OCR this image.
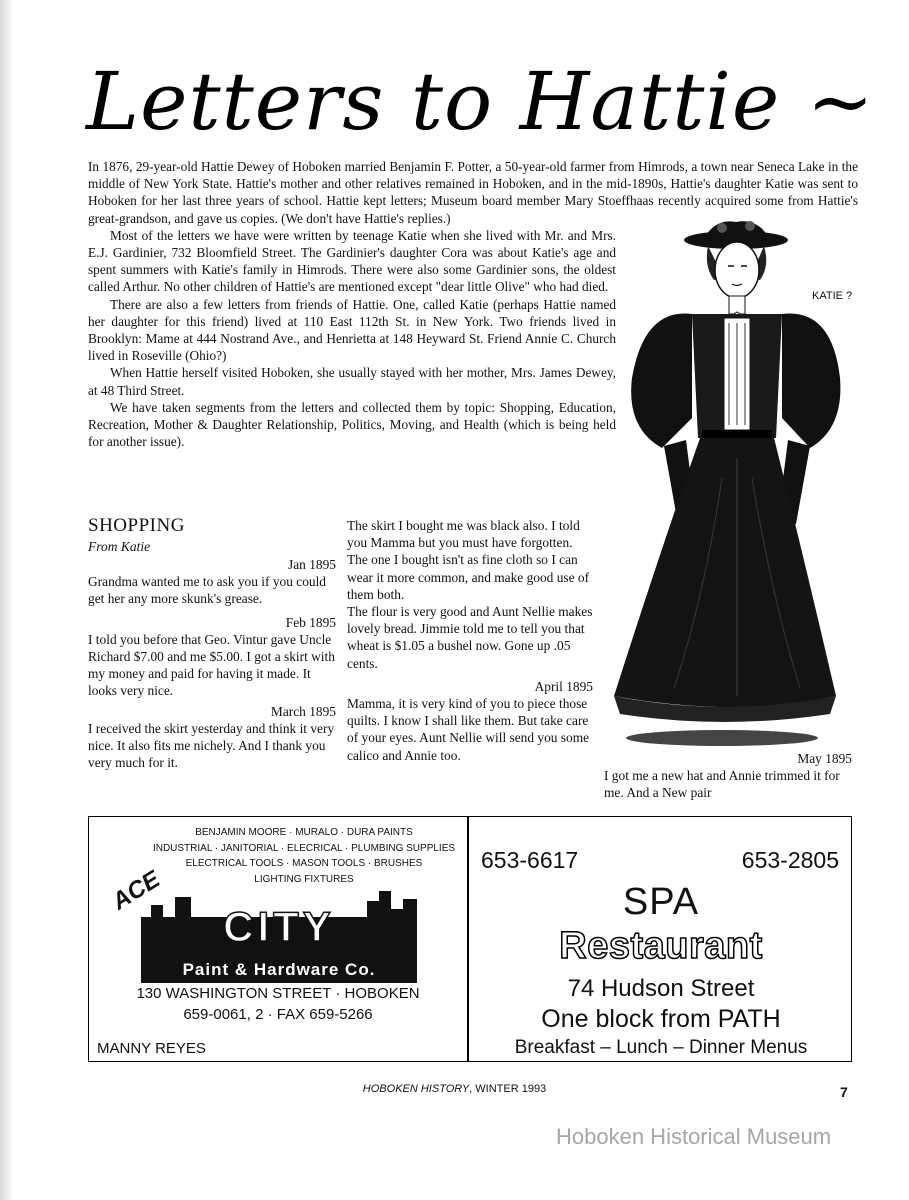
Letters to Hattie ~

In 1876, 29-year-old Hattie Dewey of Hoboken married Benjamin F. Potter, a 50-year-old farmer from Himrods, a town near Seneca Lake in the middle of New York State. Hattie's mother and other relatives remained in Hoboken, and in the mid-1890s, Hattie's daughter Katie was sent to Hoboken for her last three years of school. Hattie kept letters; Museum board member Mary Stoeffhaas recently acquired some from Hattie's great-grandson, and gave us copies. (We don't have Hattie's replies.)

Most of the letters we have were written by teenage Katie when she lived with Mr. and Mrs. E.J. Gardinier, 732 Bloomfield Street. The Gardinier's daughter Cora was about Katie's age and spent summers with Katie's family in Himrods. There were also some Gardinier sons, the oldest called Arthur. No other children of Hattie's are mentioned except "dear little Olive" who had died.

There are also a few letters from friends of Hattie. One, called Katie (perhaps Hattie named her daughter for this friend) lived at 110 East 112th St. in New York. Two friends lived in Brooklyn: Mame at 444 Nostrand Ave., and Henrietta at 148 Heyward St. Friend Annie C. Church lived in Roseville (Ohio?)

When Hattie herself visited Hoboken, she usually stayed with her mother, Mrs. James Dewey, at 48 Third Street.

We have taken segments from the letters and collected them by topic: Shopping, Education, Recreation, Mother & Daughter Relationship, Politics, Moving, and Health (which is being held for another issue).

KATIE ?
SHOPPING
From Katie

Jan 1895

Grandma wanted me to ask you if you could get her any more skunk's grease.

Feb 1895

I told you before that Geo. Vintur gave Uncle Richard $7.00 and me $5.00. I got a skirt with my money and paid for having it made. It looks very nice.

March 1895

I received the skirt yesterday and think it very nice. It also fits me nichely. And I thank you very much for it.

The skirt I bought me was black also. I told you Mamma but you must have forgotten. The one I bought isn't as fine cloth so I can wear it more common, and make good use of them both.

The flour is very good and Aunt Nellie makes lovely bread. Jimmie told me to tell you that wheat is $1.05 a bushel now. Gone up .05 cents.

April 1895

Mamma, it is very kind of you to piece those quilts. I know I shall like them. But take care of your eyes. Aunt Nellie will send you some calico and Annie too.	May 1895

I got me a new hat and Annie trimmed it for me. And a New pair

BENJAMIN MOORE · MURALO · DURA PAINTS
INDUSTRIAL · JANITORIAL · ELECRICAL · PLUMBING SUPPLIES
ELECTRICAL TOOLS · MASON TOOLS · BRUSHES
LIGHTING FIXTURES
ACE
CITY
Paint & Hardware Co.
130 WASHINGTON STREET · HOBOKEN
659-0061, 2 · FAX 659-5266
MANNY REYES
653-6617	653-2805
SPA
Restaurant
74 Hudson Street
One block from PATH
Breakfast – Lunch – Dinner Menus
HOBOKEN HISTORY, WINTER 1993	7
Hoboken Historical Museum
